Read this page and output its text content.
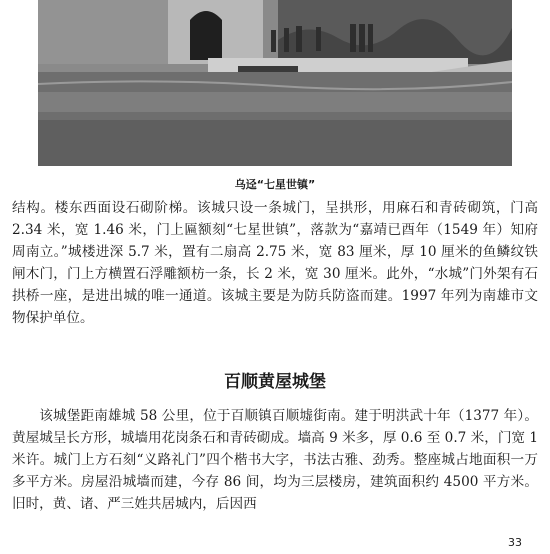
乌迳“七星世镇”

结构。楼东西面设石砌阶梯。该城只设一条城门，呈拱形，用麻石和青砖砌筑，门高 2.34 米，宽 1.46 米，门上匾额刻“七星世镇”，落款为“嘉靖已酉年（1549 年）知府周南立。”城楼进深 5.7 米，置有二扇高 2.75 米，宽 83 厘米，厚 10 厘米的鱼鳞纹铁闸木门，门上方横置石浮雕额枋一条，长 2 米，宽 30 厘米。此外，“水城”门外架有石拱桥一座，是进出城的唯一通道。该城主要是为防兵防盗而建。1997 年列为南雄市文物保护单位。

百顺黄屋城堡

该城堡距南雄城 58 公里，位于百顺镇百顺墟街南。建于明洪武十年（1377 年）。黄屋城呈长方形，城墙用花岗条石和青砖砌成。墙高 9 米多，厚 0.6 至 0.7 米，门宽 1 米许。城门上方石刻“义路礼门”四个楷书大字，书法古雅、劲秀。整座城占地面积一万多平方米。房屋沿城墙而建，今存 86 间，均为三层楼房，建筑面积约 4500 平方米。旧时，黄、诸、严三姓共居城内，后因西

33
